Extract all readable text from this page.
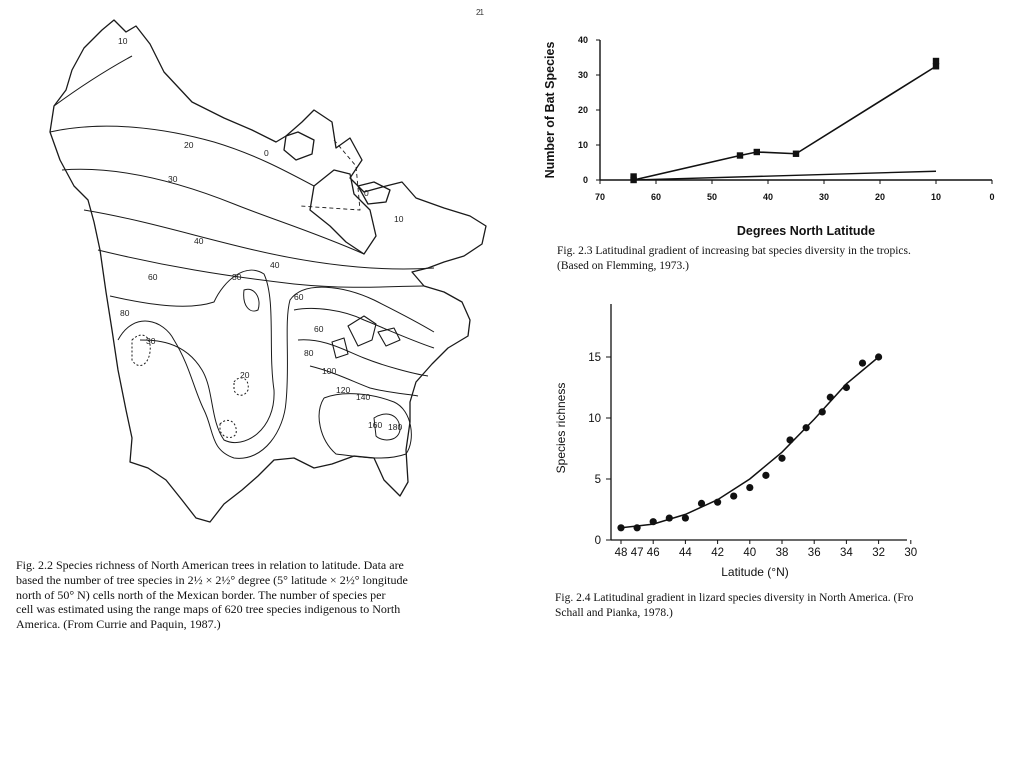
21
10
20
30
0
0
10
40
30
40
60
60
80
30
20
60
80
100
120
140
160 180

Fig. 2.2 Species richness of North American trees in relation to latitude. Data are
based the number of tree species in 2½ × 2½° degree (5° latitude × 2½° longitude
north of 50° N) cells north of the Mexican border. The number of species per
cell was estimated using the range maps of 620 tree species indigenous to North
America. (From Currie and Paquin, 1987.)

70	60	50	40	30	20	10	0
0
10
20
30
40
Degrees North Latitude
Number of Bat Species

Fig. 2.3 Latitudinal gradient of increasing bat species diversity in the tropics.
(Based on Flemming, 1973.)

48 46 44 42 40 38 36 34 32 30
47
0
5
10
15
Latitude (°N)
Species richness

Fig. 2.4 Latitudinal gradient in lizard species diversity in North America. (Fro
Schall and Pianka, 1978.)
